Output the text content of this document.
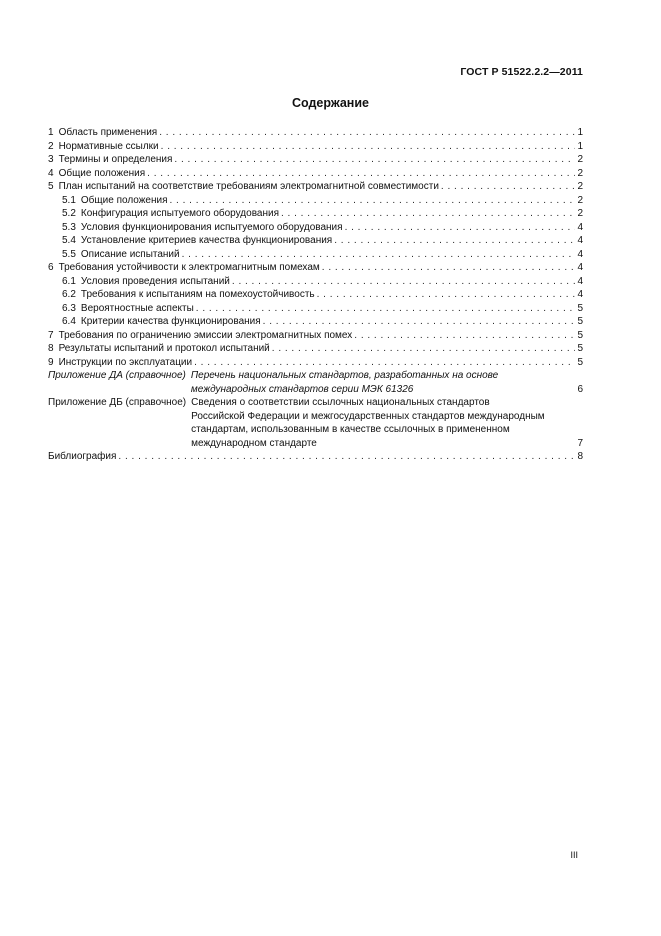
ГОСТ Р 51522.2.2—2011
Содержание
1 Область применения . . .	1
2 Нормативные ссылки . . .	1
3 Термины и определения . . .	2
4 Общие положения . . .	2
5 План испытаний на соответствие требованиям электромагнитной совместимости . . .	2
5.1 Общие положения . . .	2
5.2 Конфигурация испытуемого оборудования . . .	2
5.3 Условия функционирования испытуемого оборудования . . .	4
5.4 Установление критериев качества функционирования . . .	4
5.5 Описание испытаний . . .	4
6 Требования устойчивости к электромагнитным помехам . . .	4
6.1 Условия проведения испытаний . . .	4
6.2 Требования к испытаниям на помехоустойчивость . . .	4
6.3 Вероятностные аспекты . . .	5
6.4 Критерии качества функционирования . . .	5
7 Требования по ограничению эмиссии электромагнитных помех . . .	5
8 Результаты испытаний и протокол испытаний . . .	5
9 Инструкции по эксплуатации . . .	5
Приложение ДА (справочное) Перечень национальных стандартов, разработанных на основе
международных стандартов серии МЭК 61326	6
Приложение ДБ (справочное) Сведения о соответствии ссылочных национальных стандартов
Российской Федерации и межгосударственных стандартов международным
стандартам, использованным в качестве ссылочных в примененном
международном стандарте	7
Библиография . . .	8
III
